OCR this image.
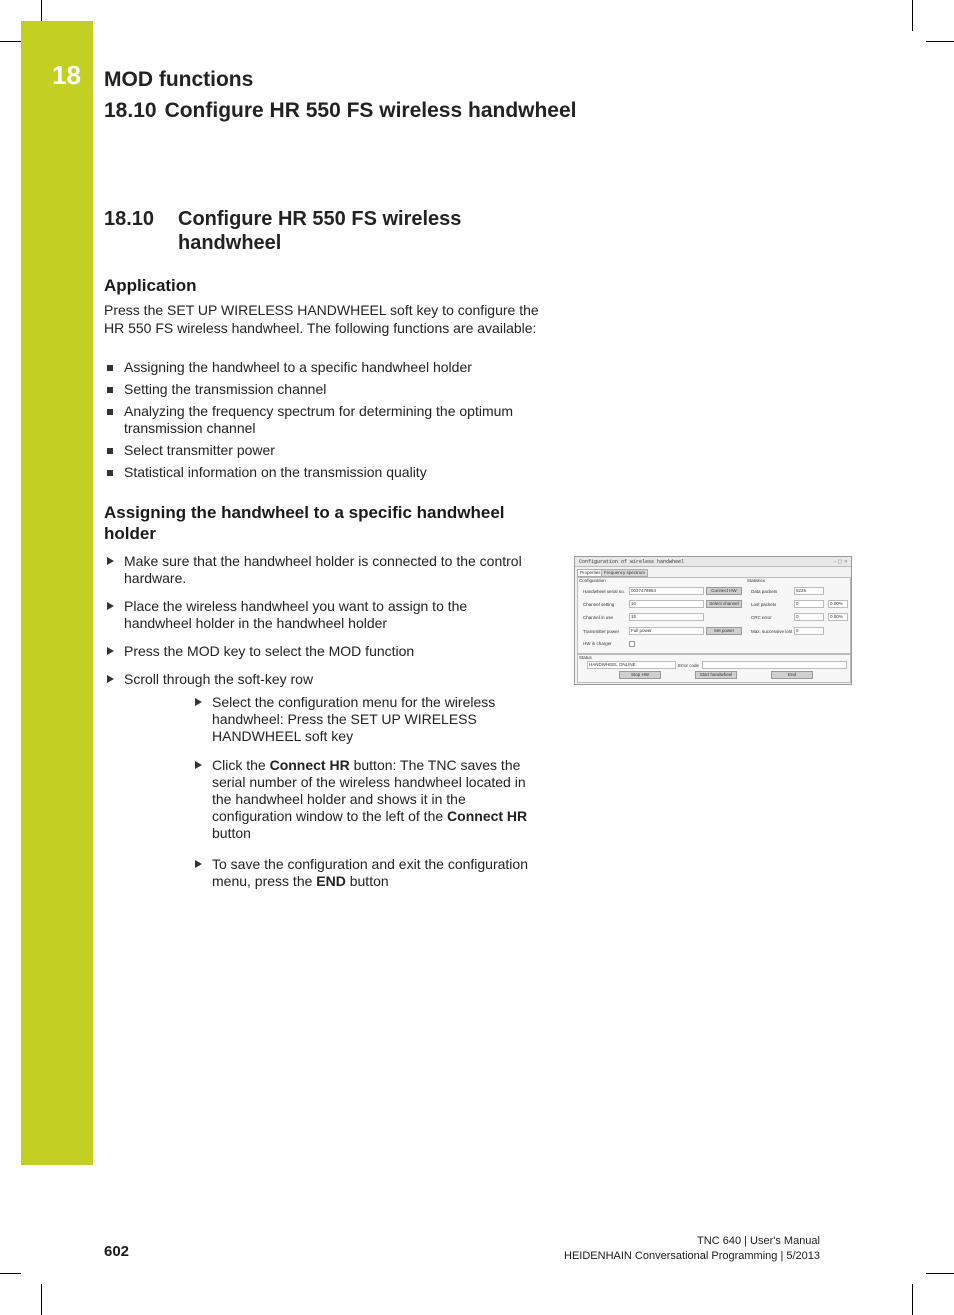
18 MOD functions
18.10 Configure HR 550 FS wireless handwheel
18.10 Configure HR 550 FS wireless handwheel
Application
Press the SET UP WIRELESS HANDWHEEL soft key to configure the HR 550 FS wireless handwheel. The following functions are available:
Assigning the handwheel to a specific handwheel holder
Setting the transmission channel
Analyzing the frequency spectrum for determining the optimum transmission channel
Select transmitter power
Statistical information on the transmission quality
Assigning the handwheel to a specific handwheel holder
Make sure that the handwheel holder is connected to the control hardware.
Place the wireless handwheel you want to assign to the handwheel holder in the handwheel holder
Press the MOD key to select the MOD function
Scroll through the soft-key row
Select the configuration menu for the wireless handwheel: Press the SET UP WIRELESS HANDWHEEL soft key
Click the Connect HR button: The TNC saves the serial number of the wireless handwheel located in the handwheel holder and shows it in the configuration window to the left of the Connect HR button
To save the configuration and exit the configuration menu, press the END button
Configuration of wireless handwheel	– ▢ ✕
Properties Frequency spectrum
Configuration	Statistics
Handwheel serial no.	0037478964	Connect HW
Channel setting	10	Select channel
Channel in use	16
Transmitter power	Full power	Set power
HW in charger
Data packets	5226
Lost packets	0	0.00%
CRC error	0	0.00%
Max. successive lost 0
Status
HANDWHEEL ONLINE	Error code
Stop HW	Start handwheel	End
602
TNC 640 | User's Manual
HEIDENHAIN Conversational Programming | 5/2013
